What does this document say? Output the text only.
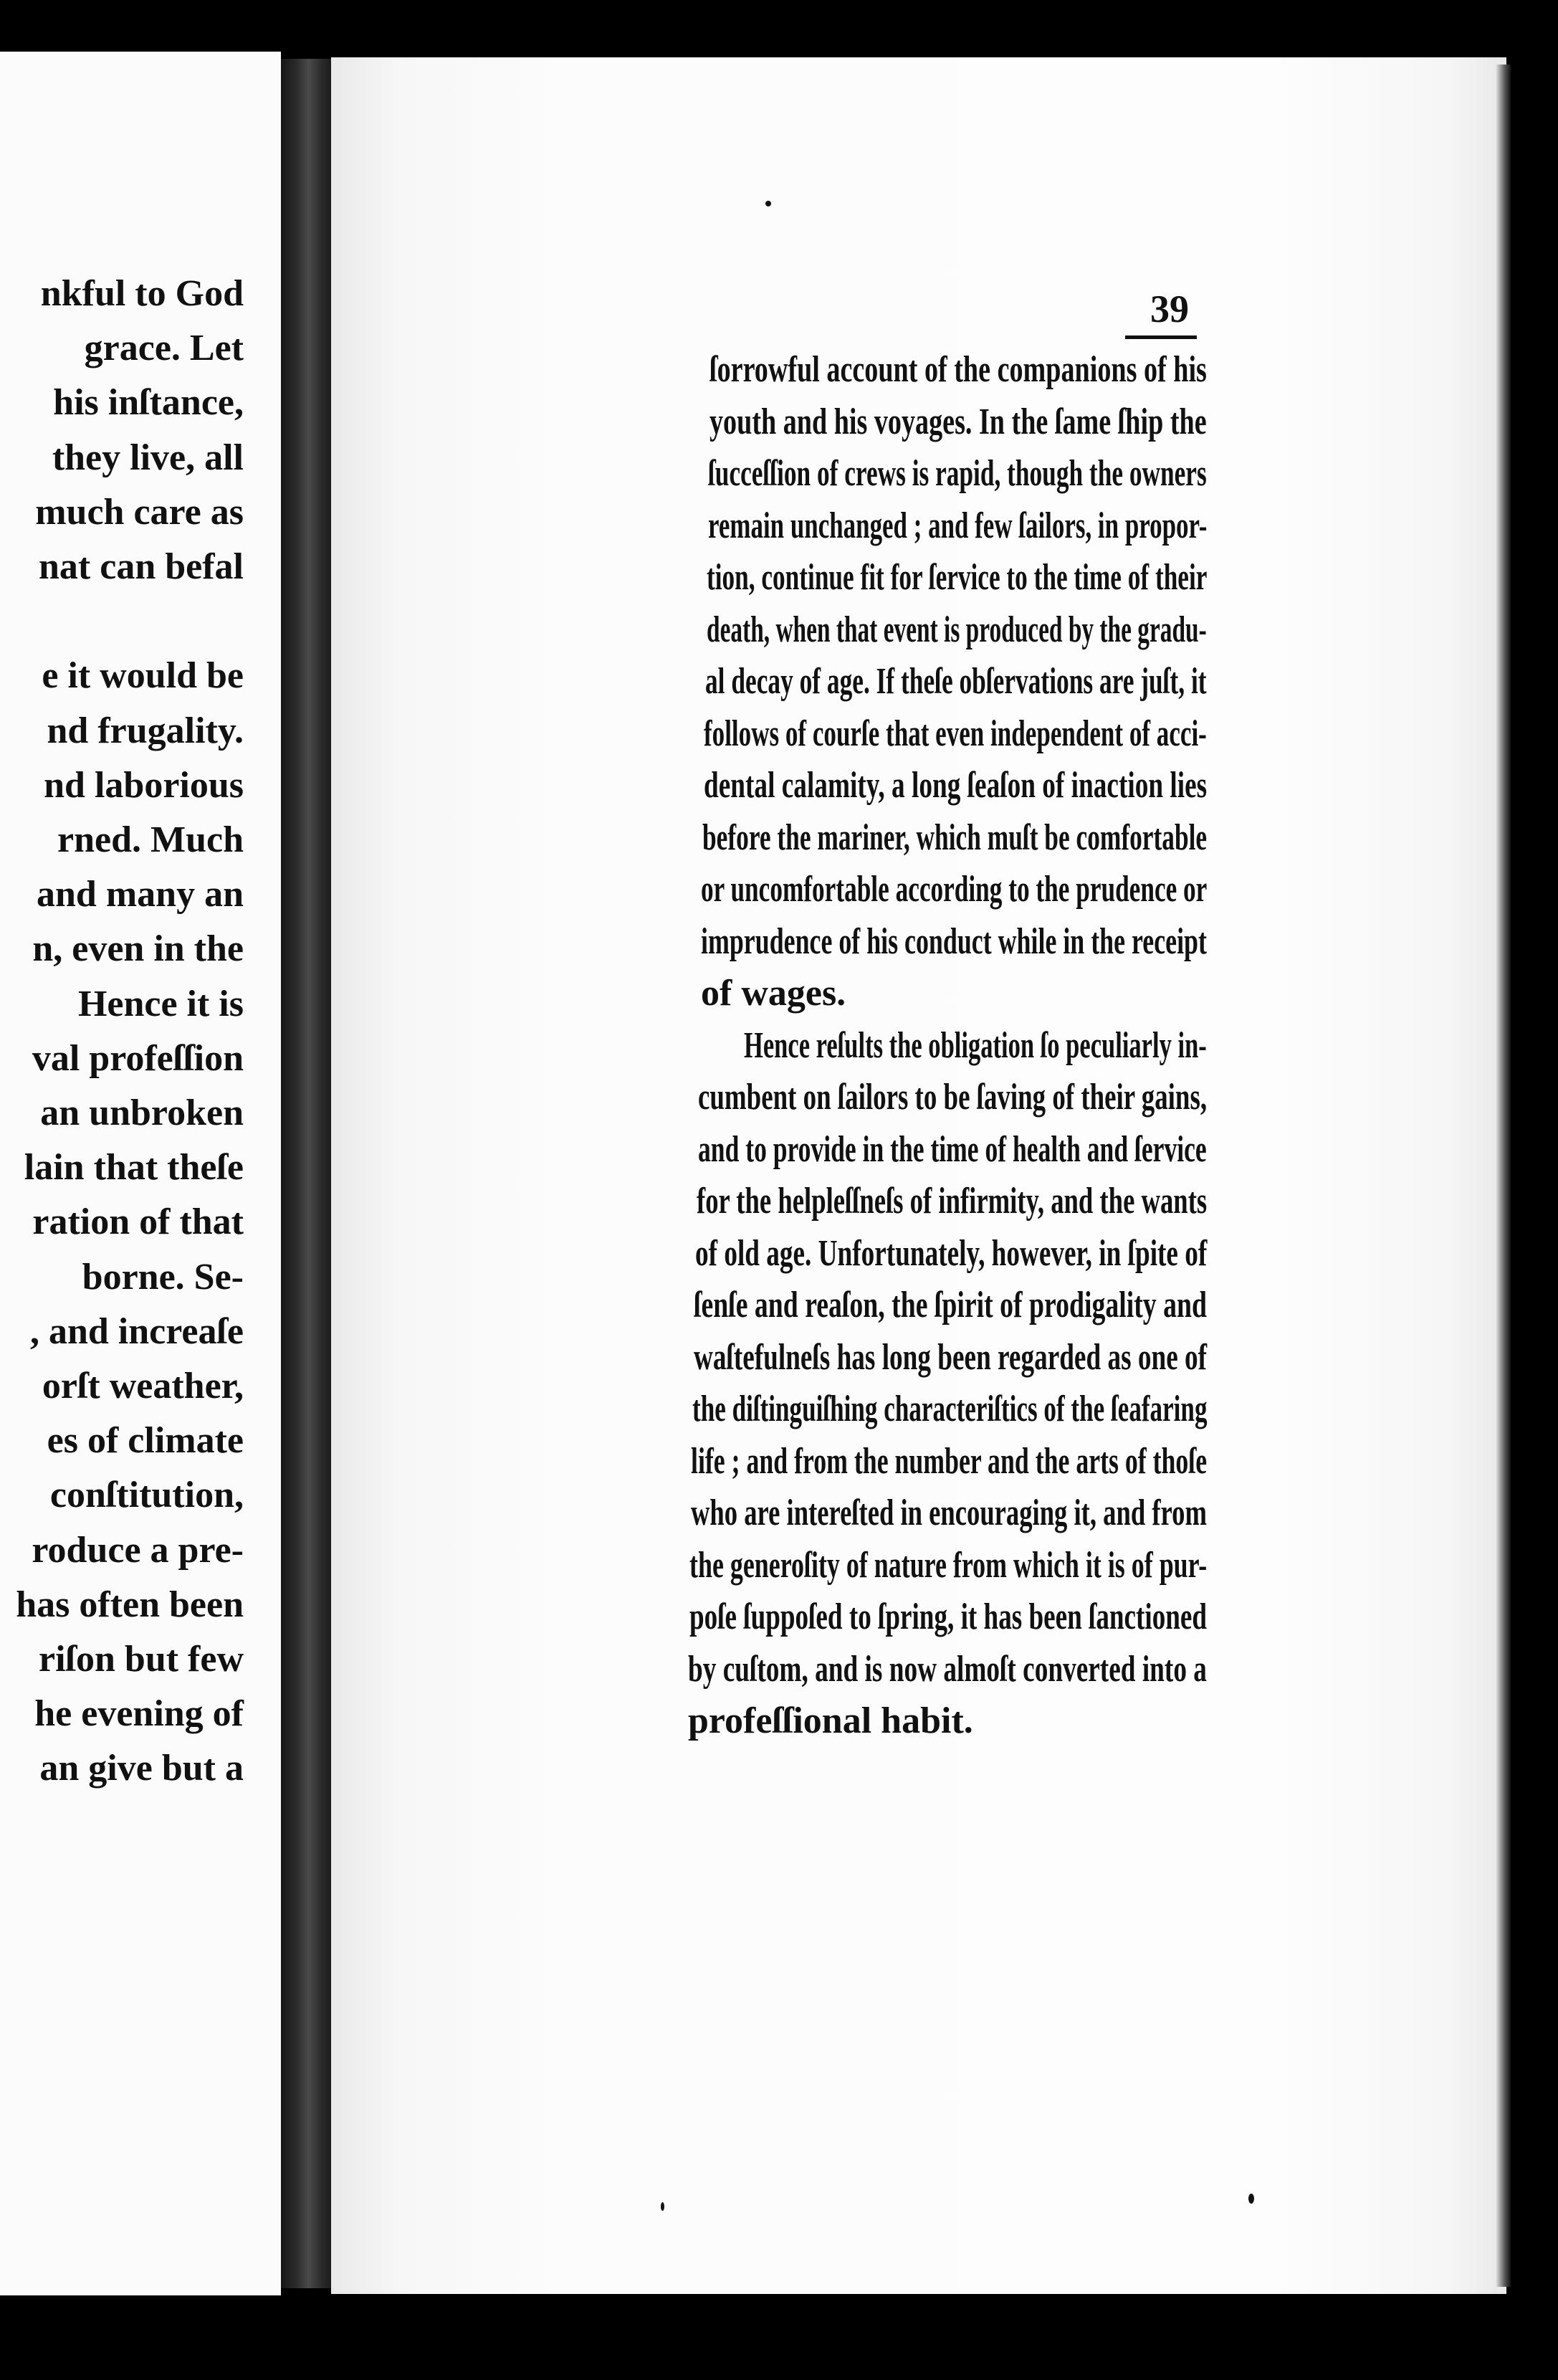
nkful to God
grace. Let
his inſtance,
they live, all
much care as
nat can befal

e it would be
nd frugality.
nd laborious
rned. Much
and many an
n, even in the
Hence it is
val profeſſion
an unbroken
lain that theſe
ration of that
borne. Se-
, and increaſe
orſt weather,
es of climate
conſtitution,
roduce a pre-
has often been
riſon but few
he evening of
an give but a
39
ſorrowful account of the companions of his
youth and his voyages. In the ſame ſhip the
ſucceſſion of crews is rapid, though the owners
remain unchanged ; and few ſailors, in propor-
tion, continue fit for ſervice to the time of their
death, when that event is produced by the gradu-
al decay of age. If theſe obſervations are juſt, it
follows of courſe that even independent of acci-
dental calamity, a long ſeaſon of inaction lies
before the mariner, which muſt be comfortable
or uncomfortable according to the prudence or
imprudence of his conduct while in the receipt
of wages.
Hence reſults the obligation ſo peculiarly in-
cumbent on ſailors to be ſaving of their gains,
and to provide in the time of health and ſervice
for the helpleſſneſs of infirmity, and the wants
of old age. Unfortunately, however, in ſpite of
ſenſe and reaſon, the ſpirit of prodigality and
waſtefulneſs has long been regarded as one of
the diſtinguiſhing characteriſtics of the ſeafaring
life ; and from the number and the arts of thoſe
who are intereſted in encouraging it, and from
the generoſity of nature from which it is of pur-
poſe ſuppoſed to ſpring, it has been ſanctioned
by cuſtom, and is now almoſt converted into a
profeſſional habit.
